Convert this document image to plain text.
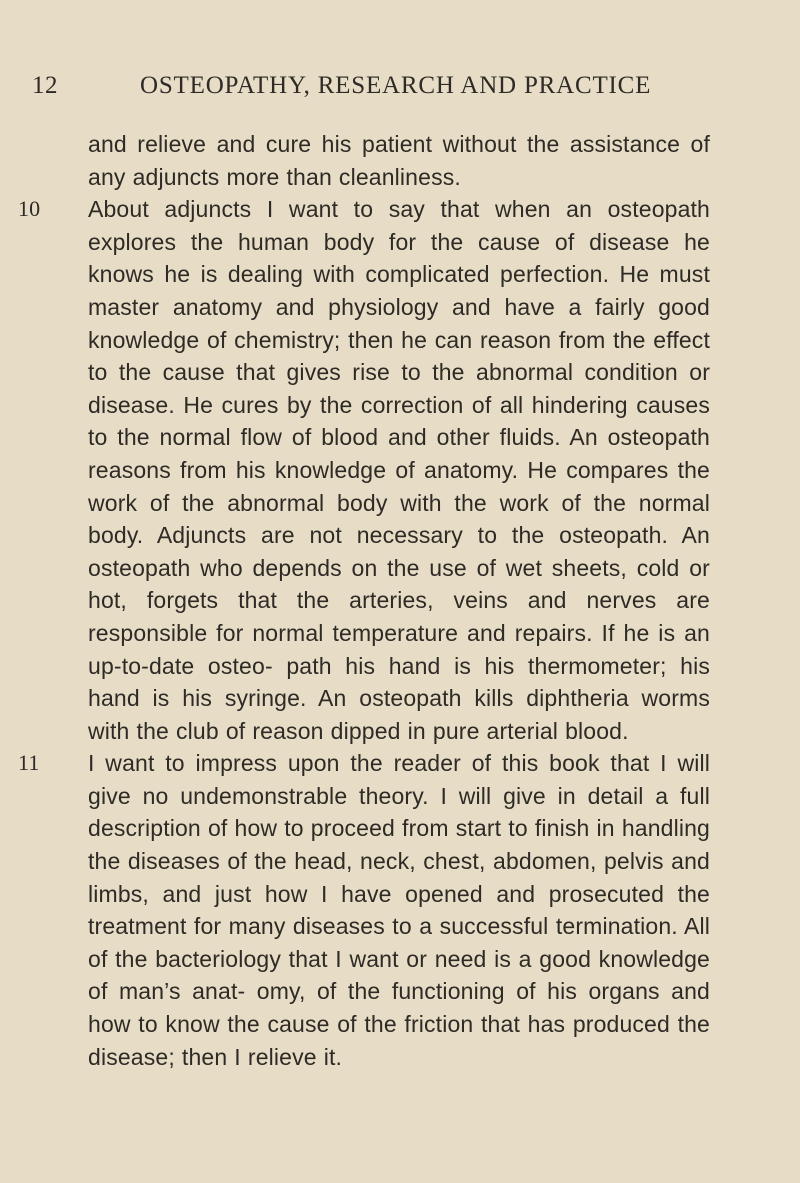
12	OSTEOPATHY, RESEARCH AND PRACTICE

and relieve and cure his patient without the assistance of any adjuncts more than cleanliness.

10	About adjuncts I want to say that when an osteopath explores the human body for the cause of disease he knows he is dealing with complicated perfection. He must master anatomy and physiology and have a fairly good knowledge of chemistry; then he can reason from the effect to the cause that gives rise to the abnormal condition or disease. He cures by the correction of all hindering causes to the normal flow of blood and other fluids. An osteopath reasons from his knowledge of anatomy. He compares the work of the abnormal body with the work of the normal body. Adjuncts are not necessary to the osteopath. An osteopath who depends on the use of wet sheets, cold or hot, forgets that the arteries, veins and nerves are responsible for normal temperature and repairs. If he is an up-to-date osteo- path his hand is his thermometer; his hand is his syringe. An osteopath kills diphtheria worms with the club of reason dipped in pure arterial blood.

11	I want to impress upon the reader of this book that I will give no undemonstrable theory. I will give in detail a full description of how to proceed from start to finish in handling the diseases of the head, neck, chest, abdomen, pelvis and limbs, and just how I have opened and prosecuted the treatment for many diseases to a successful termination. All of the bacteriology that I want or need is a good knowledge of man’s anat- omy, of the functioning of his organs and how to know the cause of the friction that has produced the disease; then I relieve it.
